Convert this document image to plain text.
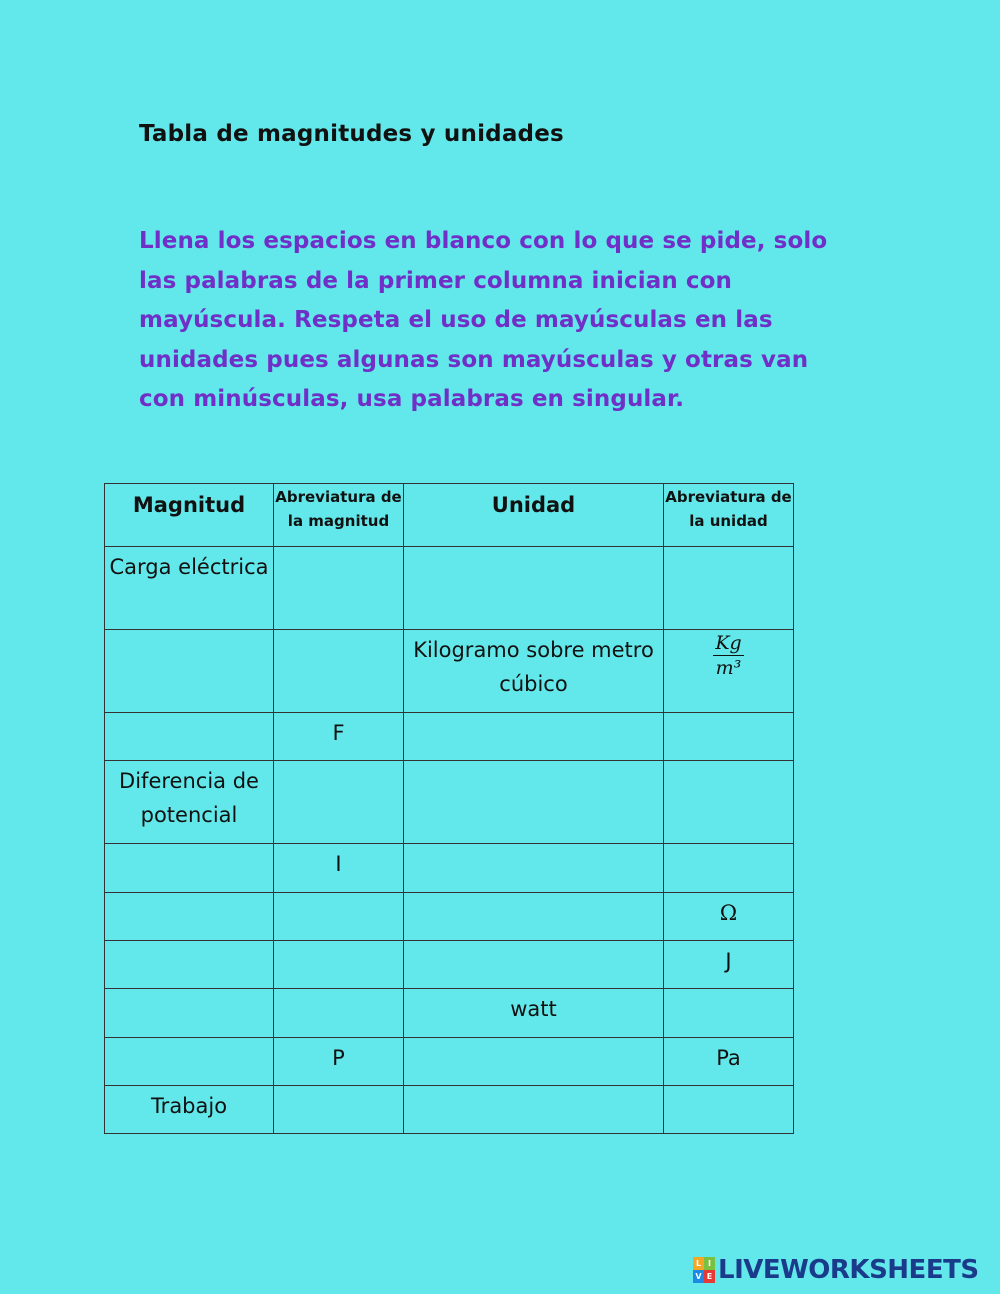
Tabla de magnitudes y unidades
Llena los espacios en blanco con lo que se pide, solo las palabras de la primer columna inician con mayúscula. Respeta el uso de mayúsculas en las unidades pues algunas son mayúsculas y otras van con minúsculas, usa palabras en singular.
Magnitud	Abreviatura de la magnitud	Unidad	Abreviatura de la unidad

Carga eléctrica			

		Kilogramo sobre metro cúbico	$\frac{Kg}{\text{m³}}$

	F		

Diferencia de potencial			

	I		

			Ω

			J

		watt	

	P		Pa

Trabajo			

L I
V E LIVEWORKSHEETS
